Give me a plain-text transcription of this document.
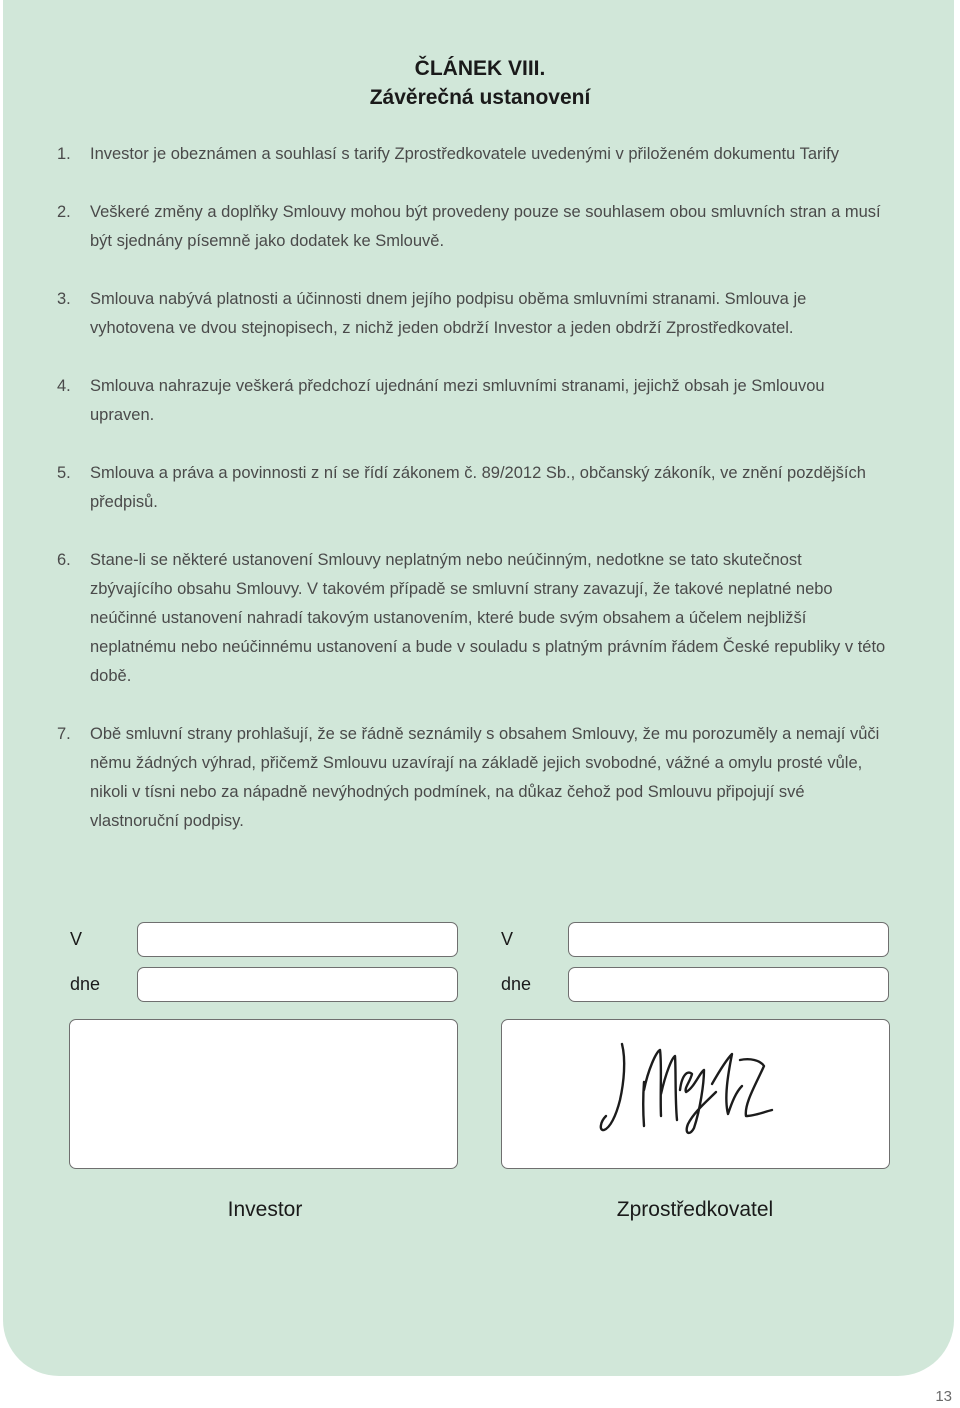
ČLÁNEK VIII.
Závěrečná ustanovení
1. Investor je obeznámen a souhlasí s tarify Zprostředkovatele uvedenými v přiloženém dokumentu Tarify
2. Veškeré změny a doplňky Smlouvy mohou být provedeny pouze se souhlasem obou smluvních stran a musí být sjednány písemně jako dodatek ke Smlouvě.
3. Smlouva nabývá platnosti a účinnosti dnem jejího podpisu oběma smluvními stranami. Smlouva je vyhotovena ve dvou stejnopisech, z nichž jeden obdrží Investor a jeden obdrží Zprostředkovatel.
4. Smlouva nahrazuje veškerá předchozí ujednání mezi smluvními stranami, jejichž obsah je Smlouvou upraven.
5. Smlouva a práva a povinnosti z ní se řídí zákonem č. 89/2012 Sb., občanský zákoník, ve znění pozdějších předpisů.
6. Stane-li se některé ustanovení Smlouvy neplatným nebo neúčinným, nedotkne se tato skutečnost zbývajícího obsahu Smlouvy. V takovém případě se smluvní strany zavazují, že takové neplatné nebo neúčinné ustanovení nahradí takovým ustanovením, které bude svým obsahem a účelem nejbližší neplatnému nebo neúčinnému ustanovení a bude v souladu s platným právním řádem České republiky v této době.
7. Obě smluvní strany prohlašují, že se řádně seznámily s obsahem Smlouvy, že mu porozuměly a nemají vůči němu žádných výhrad, přičemž Smlouvu uzavírají na základě jejich svobodné, vážné a omylu prosté vůle, nikoli v tísni nebo za nápadně nevýhodných podmínek, na důkaz čehož pod Smlouvu připojují své vlastnoruční podpisy.
V
dne
Investor
V
dne
Zprostředkovatel
13
